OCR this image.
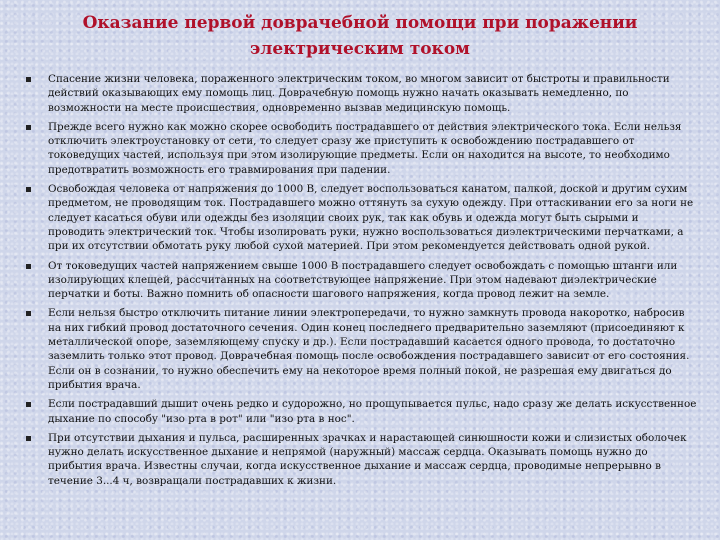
Оказание первой доврачебной помощи при поражении
электрическим током
Спасение жизни человека, пораженного электрическим током, во многом зависит от быстроты и правильности действий оказывающих ему помощь лиц. Доврачебную помощь нужно начать оказывать немедленно, по возможности на месте происшествия, одновременно вызвав медицинскую помощь.
Прежде всего нужно как можно скорее освободить пострадавшего от действия электрического тока. Если нельзя отключить электроустановку от сети, то следует сразу же приступить к освобождению пострадавшего от токоведущих частей, используя при этом изолирующие предметы. Если он находится на высоте, то необходимо предотвратить возможность его травмирования при падении.
Освобождая человека от напряжения до 1000 В, следует воспользоваться канатом, палкой, доской и другим сухим предметом, не проводящим ток. Пострадавшего можно оттянуть за сухую одежду. При оттаскивании его за ноги не следует касаться обуви или одежды без изоляции своих рук, так как обувь и одежда могут быть сырыми и проводить электрический ток. Чтобы изолировать руки, нужно воспользоваться диэлектрическими перчатками, а при их отсутствии обмотать руку любой сухой материей. При этом рекомендуется действовать одной рукой.
От токоведущих частей напряжением свыше 1000 В пострадавшего следует освобождать с помощью штанги или изолирующих клещей, рассчитанных на соответствующее напряжение. При этом надевают диэлектрические перчатки и боты. Важно помнить об опасности шагового напряжения, когда провод лежит на земле.
Если нельзя быстро отключить питание линии электропередачи, то нужно замкнуть провода накоротко, набросив на них гибкий провод достаточного сечения. Один конец последнего предварительно заземляют (присоединяют к металлической опоре, заземляющему спуску и др.). Если пострадавший касается одного провода, то достаточно заземлить только этот провод. Доврачебная помощь после освобождения пострадавшего зависит от его состояния. Если он в сознании, то нужно обеспечить ему на некоторое время полный покой, не разрешая ему двигаться до прибытия врача.
Если пострадавший дышит очень редко и судорожно, но прощупывается пульс, надо сразу же делать искусственное дыхание по способу "изо рта в рот" или "изо рта в нос".
При отсутствии дыхания и пульса, расширенных зрачках и нарастающей синюшности кожи и слизистых оболочек нужно делать искусственное дыхание и непрямой (наружный) массаж сердца. Оказывать помощь нужно до прибытия врача. Известны случаи, когда искусственное дыхание и массаж сердца, проводимые непрерывно в течение 3...4 ч, возвращали пострадавших к жизни.
